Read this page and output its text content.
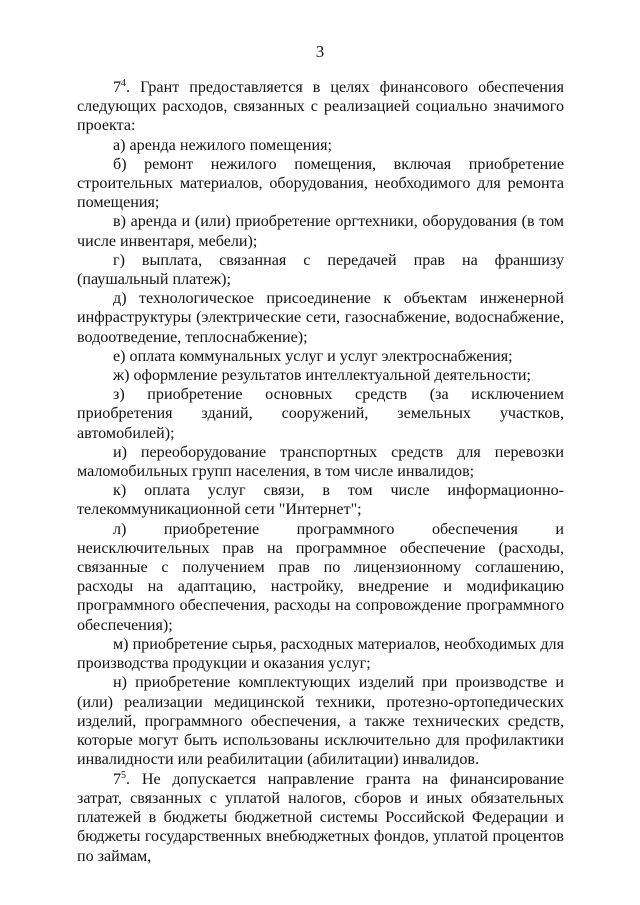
3

$7^4$. Грант предоставляется в целях финансового обеспечения следующих расходов, связанных с реализацией социально значимого проекта:

а) аренда нежилого помещения;

б) ремонт нежилого помещения, включая приобретение строительных материалов, оборудования, необходимого для ремонта помещения;

в) аренда и (или) приобретение оргтехники, оборудования (в том числе инвентаря, мебели);

г) выплата, связанная с передачей прав на франшизу (паушальный платеж);

д) технологическое присоединение к объектам инженерной инфраструктуры (электрические сети, газоснабжение, водоснабжение, водоотведение, теплоснабжение);

е) оплата коммунальных услуг и услуг электроснабжения;

ж) оформление результатов интеллектуальной деятельности;

з) приобретение основных средств (за исключением приобретения зданий, сооружений, земельных участков, автомобилей);

и) переоборудование транспортных средств для перевозки маломобильных групп населения, в том числе инвалидов;

к) оплата услуг связи, в том числе информационно-телекоммуникационной сети "Интернет";

л) приобретение программного обеспечения и неисключительных прав на программное обеспечение (расходы, связанные с получением прав по лицензионному соглашению, расходы на адаптацию, настройку, внедрение и модификацию программного обеспечения, расходы на сопровождение программного обеспечения);

м) приобретение сырья, расходных материалов, необходимых для производства продукции и оказания услуг;

н) приобретение комплектующих изделий при производстве и (или) реализации медицинской техники, протезно-ортопедических изделий, программного обеспечения, а также технических средств, которые могут быть использованы исключительно для профилактики инвалидности или реабилитации (абилитации) инвалидов.

$7^5$. Не допускается направление гранта на финансирование затрат, связанных с уплатой налогов, сборов и иных обязательных платежей в бюджеты бюджетной системы Российской Федерации и бюджеты государственных внебюджетных фондов, уплатой процентов по займам,
